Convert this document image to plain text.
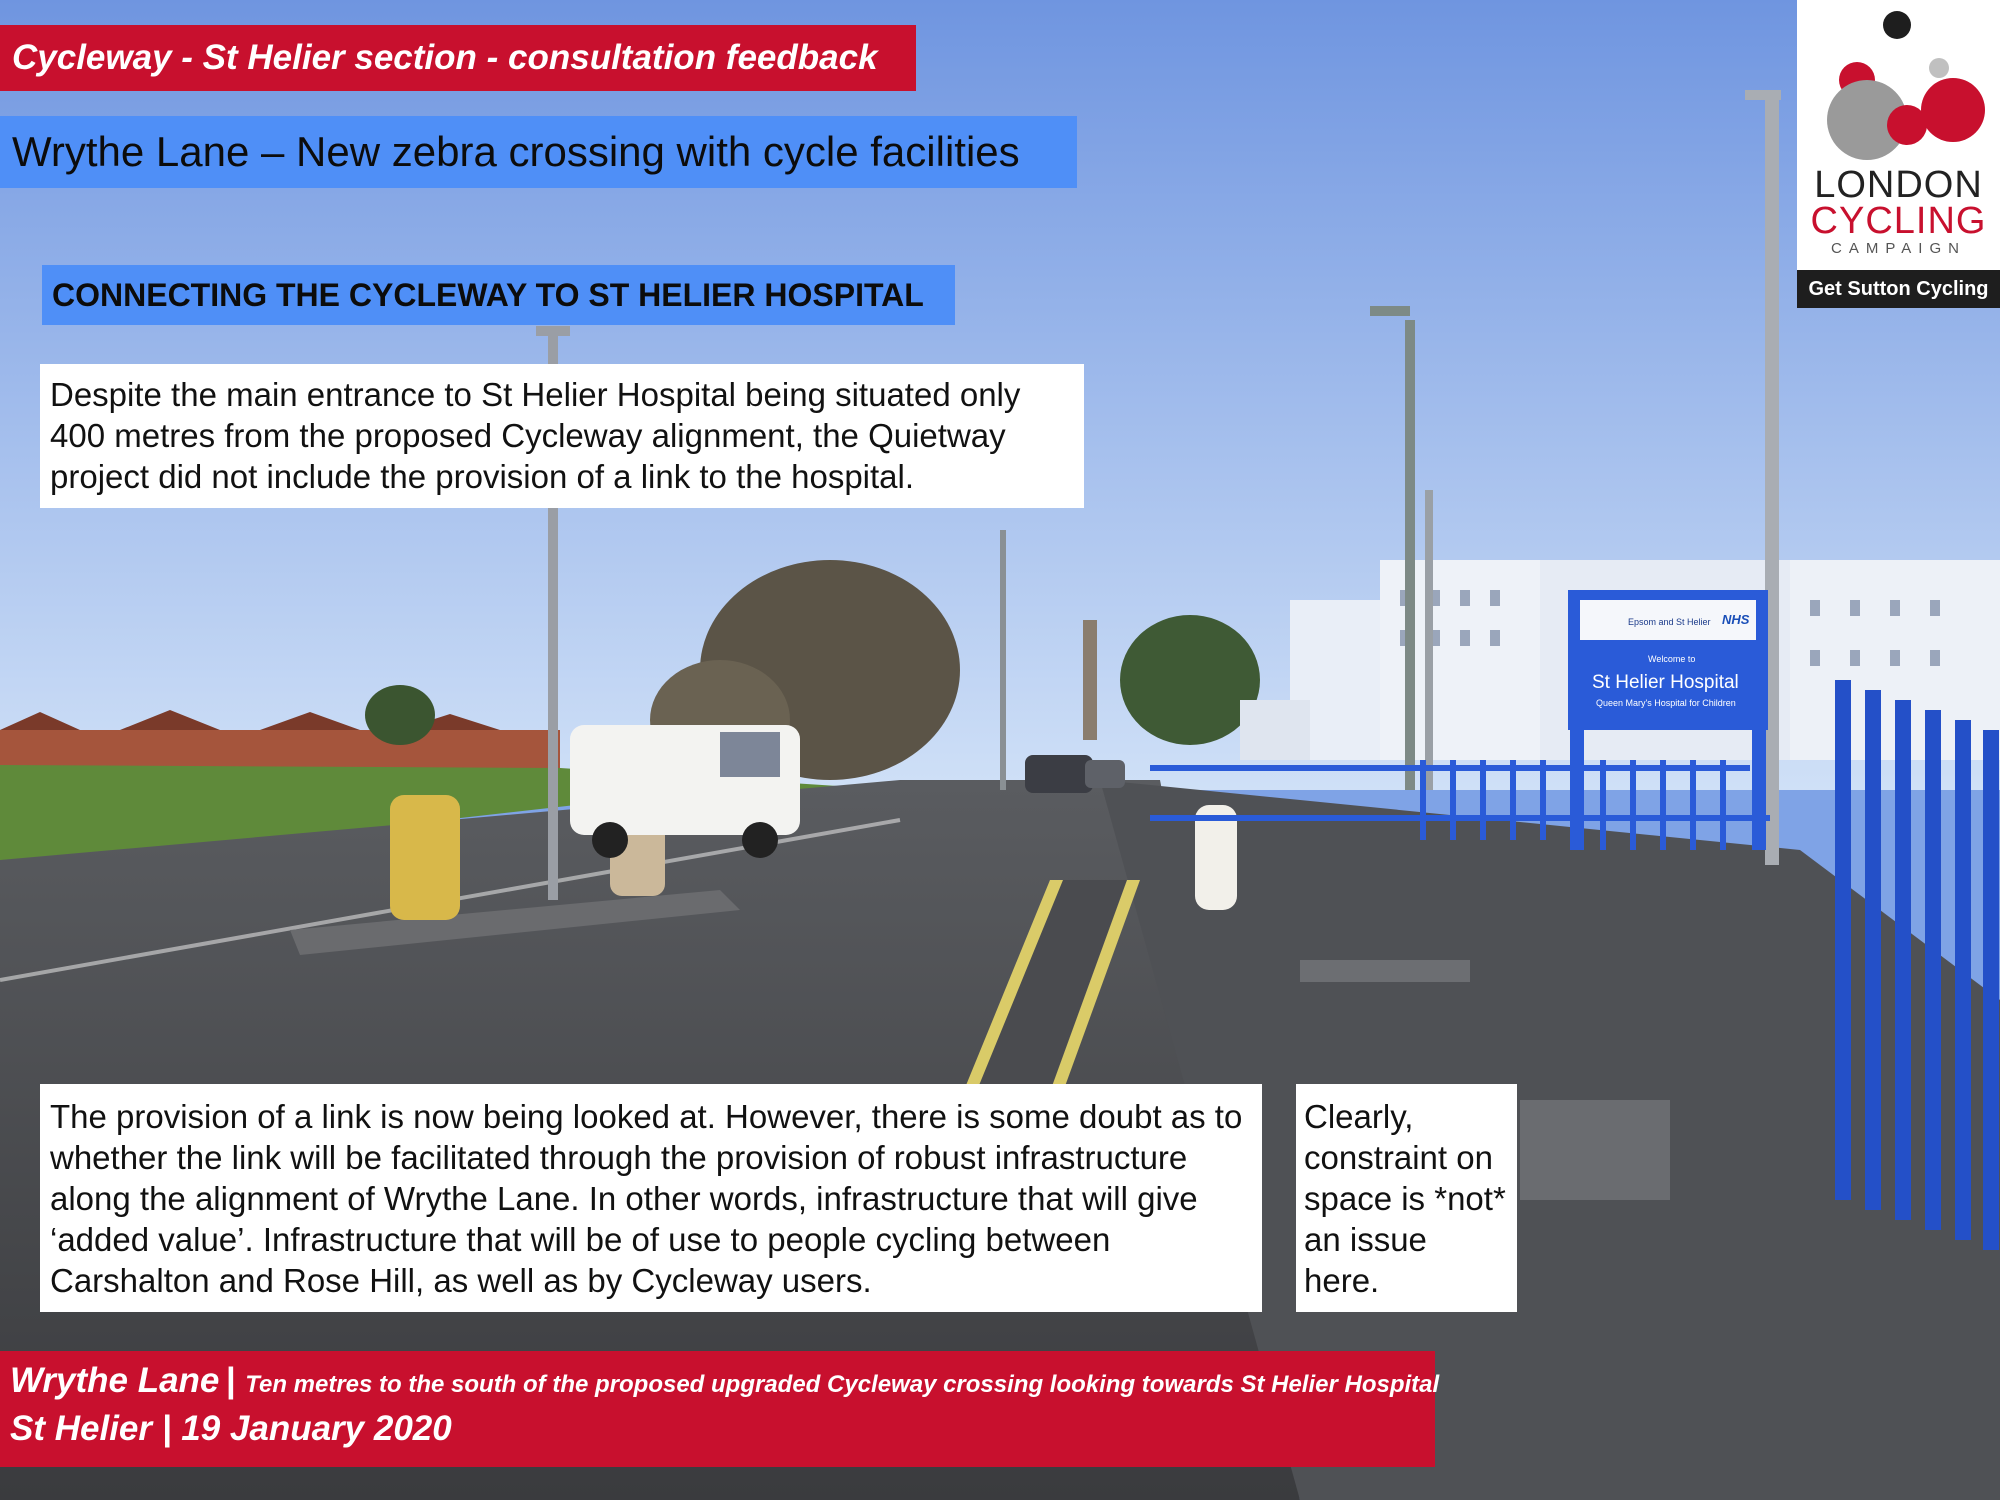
Epsom and St Helier NHS
Welcome to
St Helier Hospital
Queen Mary's Hospital for Children
Cycleway - St Helier section - consultation feedback
Wrythe Lane – New zebra crossing with cycle facilities
CONNECTING THE CYCLEWAY TO ST HELIER HOSPITAL
Despite the main entrance to St Helier Hospital being situated only 400 metres from the proposed Cycleway alignment, the Quietway project did not include the provision of a link to the hospital.
The provision of a link is now being looked at. However, there is some doubt as to whether the link will be facilitated through the provision of robust infrastructure along the alignment of Wrythe Lane. In other words, infrastructure that will give ‘added value’. Infrastructure that will be of use to people cycling between Carshalton and Rose Hill, as well as by Cycleway users.
Clearly, constraint on space is *not* an issue here.
Wrythe Lane | Ten metres to the south of the proposed upgraded Cycleway crossing looking towards St Helier Hospital
St Helier | 19 January 2020
LONDON
CYCLING
CAMPAIGN
Get Sutton Cycling
